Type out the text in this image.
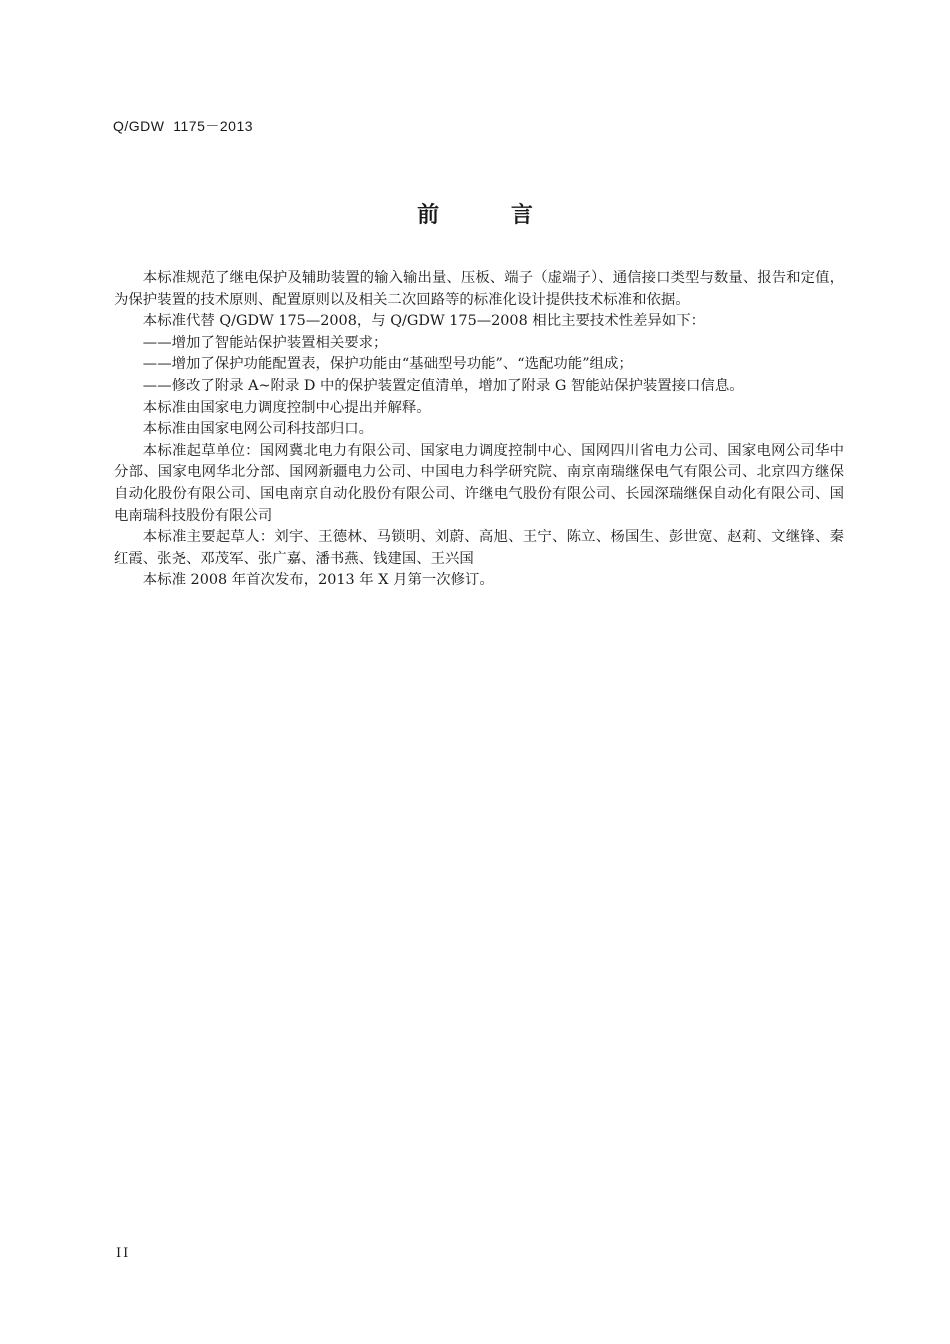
Q/GDW  1175－2013
前 言

本标准规范了继电保护及辅助装置的输入输出量、压板、端子（虚端子）、通信接口类型与数量、报告和定值，为保护装置的技术原则、配置原则以及相关二次回路等的标准化设计提供技术标准和依据。

本标准代替 Q/GDW 175—2008，与 Q/GDW 175—2008 相比主要技术性差异如下：

——增加了智能站保护装置相关要求；

——增加了保护功能配置表，保护功能由“基础型号功能”、“选配功能”组成；

——修改了附录 A~附录 D 中的保护装置定值清单，增加了附录 G 智能站保护装置接口信息。

本标准由国家电力调度控制中心提出并解释。

本标准由国家电网公司科技部归口。

本标准起草单位：国网冀北电力有限公司、国家电力调度控制中心、国网四川省电力公司、国家电网公司华中分部、国家电网华北分部、国网新疆电力公司、中国电力科学研究院、南京南瑞继保电气有限公司、北京四方继保自动化股份有限公司、国电南京自动化股份有限公司、许继电气股份有限公司、长园深瑞继保自动化有限公司、国电南瑞科技股份有限公司

本标准主要起草人：刘宇、王德林、马锁明、刘蔚、高旭、王宁、陈立、杨国生、彭世宽、赵莉、文继锋、秦红霞、张尧、邓茂军、张广嘉、潘书燕、钱建国、王兴国

本标准 2008 年首次发布，2013 年 X 月第一次修订。

II
